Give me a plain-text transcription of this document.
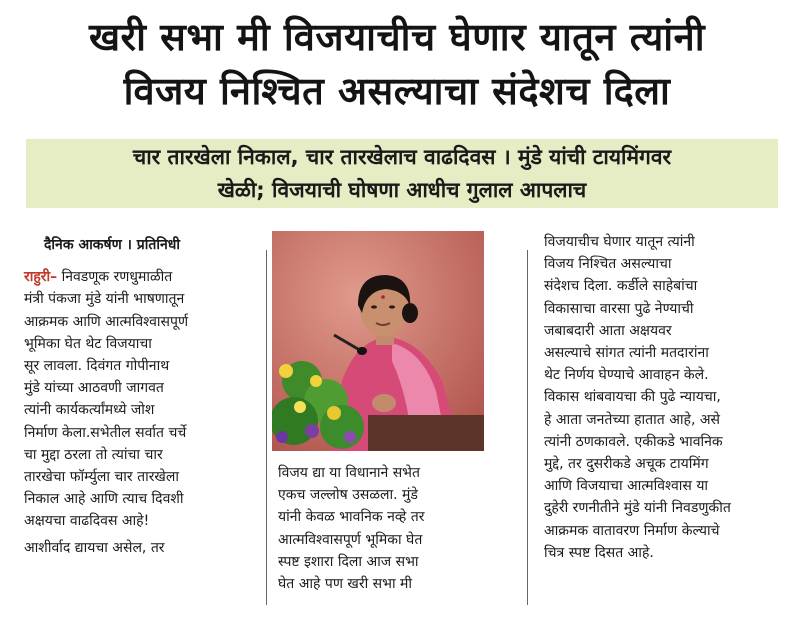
खरी सभा मी विजयाचीच घेणार यातून त्यांनी
विजय निश्चित असल्याचा संदेशच दिला
चार तारखेला निकाल, चार तारखेलाच वाढदिवस । मुंडे यांची टायमिंगवर
खेळी; विजयाची घोषणा आधीच गुलाल आपलाच
दैनिक आकर्षण । प्रतिनिधी

राहुरी– निवडणूक रणधुमाळीत
मंत्री पंकजा मुंडे यांनी भाषणातून
आक्रमक आणि आत्मविश्वासपूर्ण
भूमिका घेत थेट विजयाचा
सूर लावला. दिवंगत गोपीनाथ
मुंडे यांच्या आठवणी जागवत
त्यांनी कार्यकर्त्यांमध्ये जोश
निर्माण केला.सभेतील सर्वात चर्चे
चा मुद्दा ठरला तो त्यांचा चार
तारखेचा फॉर्म्युला चार तारखेला
निकाल आहे आणि त्याच दिवशी
अक्षयचा वाढदिवस आहे!

आशीर्वाद द्यायचा असेल, तर

विजय द्या या विधानाने सभेत
एकच जल्लोष उसळला. मुंडे
यांनी केवळ भावनिक नव्हे तर
आत्मविश्वासपूर्ण भूमिका घेत
स्पष्ट इशारा दिला आज सभा
घेत आहे पण खरी सभा मी
विजयाचीच घेणार यातून त्यांनी
विजय निश्चित असल्याचा
संदेशच दिला. कर्डीले साहेबांचा
विकासाचा वारसा पुढे नेण्याची
जबाबदारी आता अक्षयवर
असल्याचे सांगत त्यांनी मतदारांना
थेट निर्णय घेण्याचे आवाहन केले.
विकास थांबवायचा की पुढे न्यायचा,
हे आता जनतेच्या हातात आहे, असे
त्यांनी ठणकावले. एकीकडे भावनिक
मुद्दे, तर दुसरीकडे अचूक टायमिंग
आणि विजयाचा आत्मविश्वास या
दुहेरी रणनीतीने मुंडे यांनी निवडणुकीत
आक्रमक वातावरण निर्माण केल्याचे
चित्र स्पष्ट दिसत आहे.
